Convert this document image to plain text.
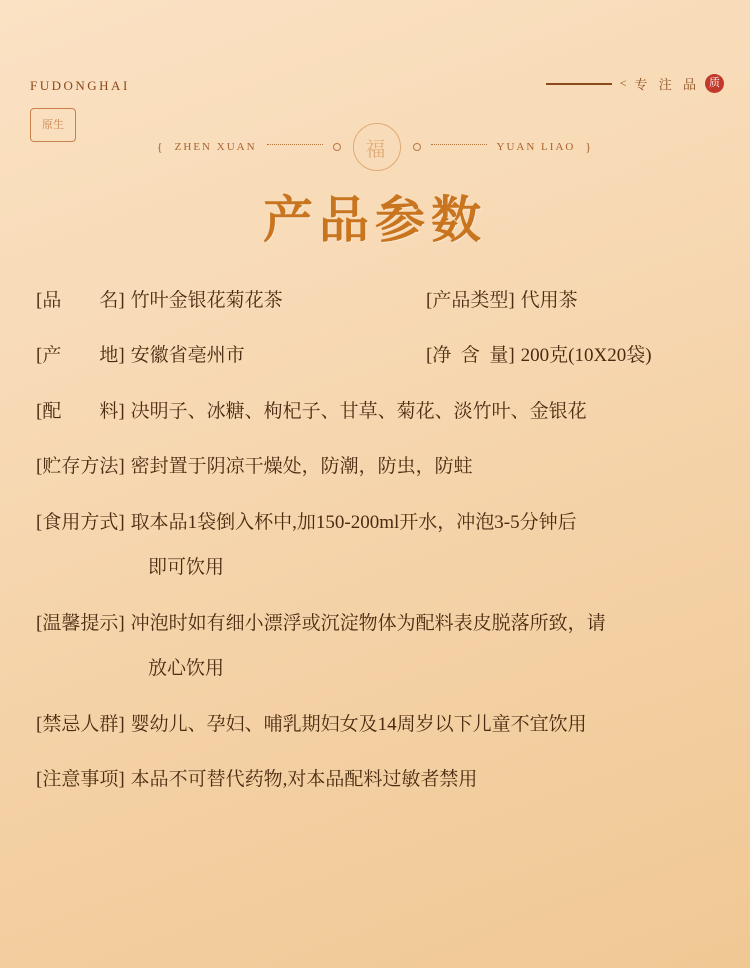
FUDONGHAI
原 生
< 专 注 品 质
{ ZHEN XUAN	福	YUAN LIAO }
产品参数
[品        名] 竹叶金银花菊花茶	[产品类型] 代用茶
[产        地] 安徽省亳州市	[净  含  量] 200克(10X20袋)
[配        料] 决明子、冰糖、枸杞子、甘草、菊花、淡竹叶、金银花
[贮存方法] 密封置于阴凉干燥处，防潮，防虫，防蛀
[食用方式] 取本品1袋倒入杯中,加150-200ml开水，冲泡3-5分钟后
即可饮用
[温馨提示] 冲泡时如有细小漂浮或沉淀物体为配料表皮脱落所致，请
放心饮用
[禁忌人群] 婴幼儿、孕妇、哺乳期妇女及14周岁以下儿童不宜饮用
[注意事项] 本品不可替代药物,对本品配料过敏者禁用
